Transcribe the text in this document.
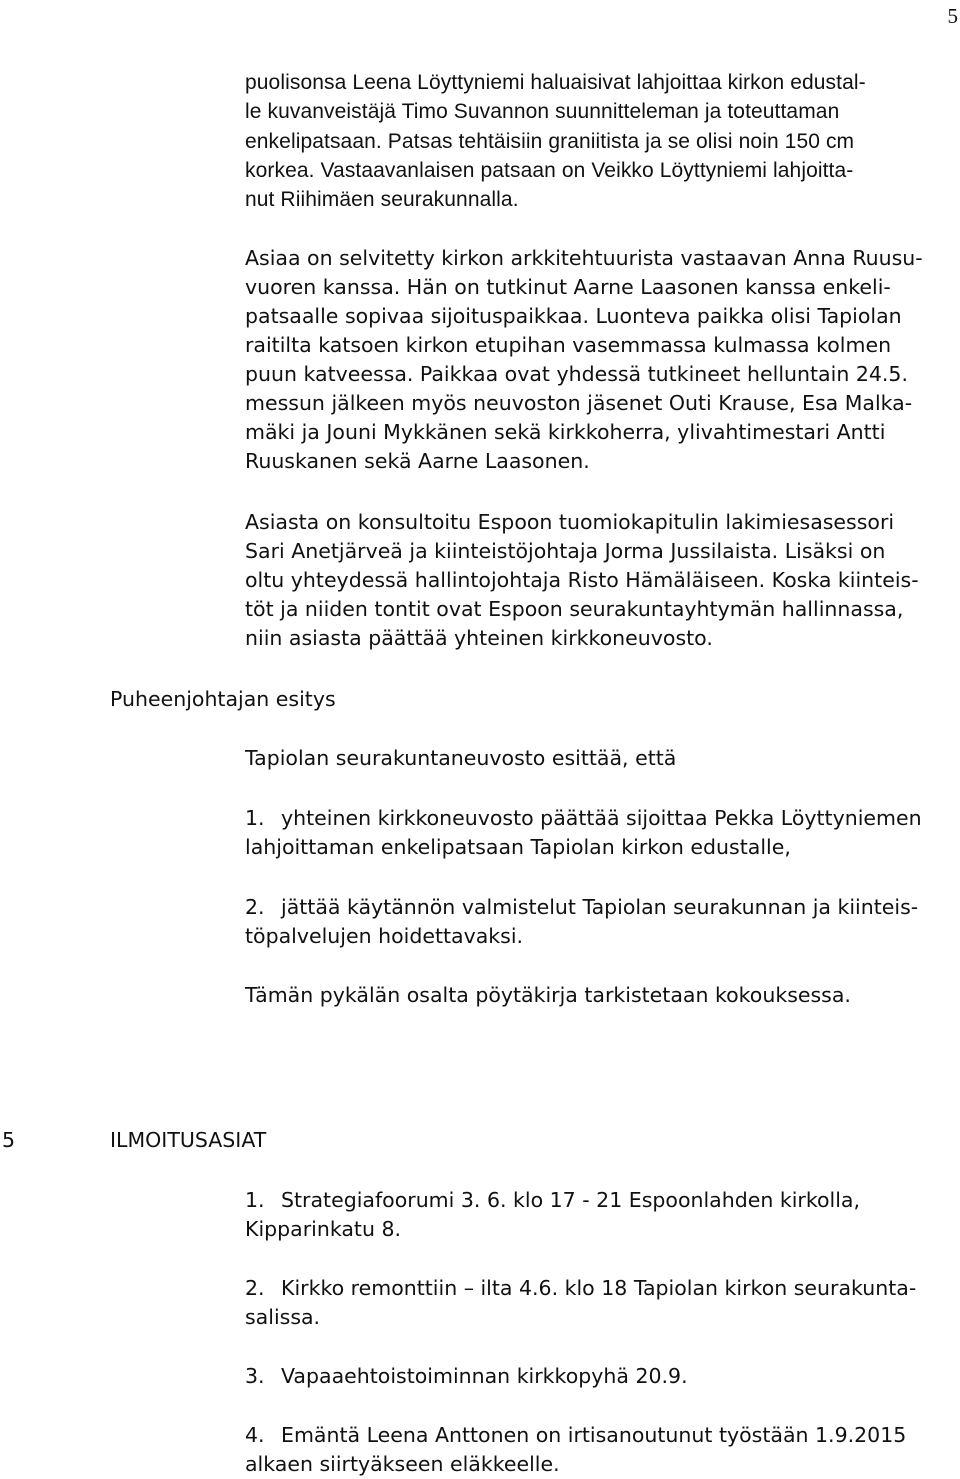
5
puolisonsa Leena Löyttyniemi haluaisivat lahjoittaa kirkon edustal-
le kuvanveistäjä Timo Suvannon suunnitteleman ja toteuttaman
enkelipatsaan. Patsas tehtäisiin graniitista ja se olisi noin 150 cm
korkea. Vastaavanlaisen patsaan on Veikko Löyttyniemi lahjoitta-
nut Riihimäen seurakunnalla.
Asiaa on selvitetty kirkon arkkitehtuurista vastaavan Anna Ruusu-
vuoren kanssa. Hän on tutkinut Aarne Laasonen kanssa enkeli-
patsaalle sopivaa sijoituspaikkaa. Luonteva paikka olisi Tapiolan
raitilta katsoen kirkon etupihan vasemmassa kulmassa kolmen
puun katveessa. Paikkaa ovat yhdessä tutkineet helluntain 24.5.
messun jälkeen myös neuvoston jäsenet Outi Krause, Esa Malka-
mäki ja Jouni Mykkänen sekä kirkkoherra, ylivahtimestari Antti
Ruuskanen sekä Aarne Laasonen.
Asiasta on konsultoitu Espoon tuomiokapitulin lakimiesasessori
Sari Anetjärveä ja kiinteistöjohtaja Jorma Jussilaista. Lisäksi on
oltu yhteydessä hallintojohtaja Risto Hämäläiseen. Koska kiinteis-
töt ja niiden tontit ovat Espoon seurakuntayhtymän hallinnassa,
niin asiasta päättää yhteinen kirkkoneuvosto.
Puheenjohtajan esitys
Tapiolan seurakuntaneuvosto esittää, että
1. yhteinen kirkkoneuvosto päättää sijoittaa Pekka Löyttyniemen
lahjoittaman enkelipatsaan Tapiolan kirkon edustalle,
2. jättää käytännön valmistelut Tapiolan seurakunnan ja kiinteis-
töpalvelujen hoidettavaksi.
Tämän pykälän osalta pöytäkirja tarkistetaan kokouksessa.
5	ILMOITUSASIAT
1. Strategiafoorumi 3. 6. klo 17 - 21 Espoonlahden kirkolla,
Kipparinkatu 8.
2. Kirkko remonttiin – ilta 4.6. klo 18 Tapiolan kirkon seurakunta-
salissa.
3. Vapaaehtoistoiminnan kirkkopyhä 20.9.
4. Emäntä Leena Anttonen on irtisanoutunut työstään 1.9.2015
alkaen siirtyäkseen eläkkeelle.
